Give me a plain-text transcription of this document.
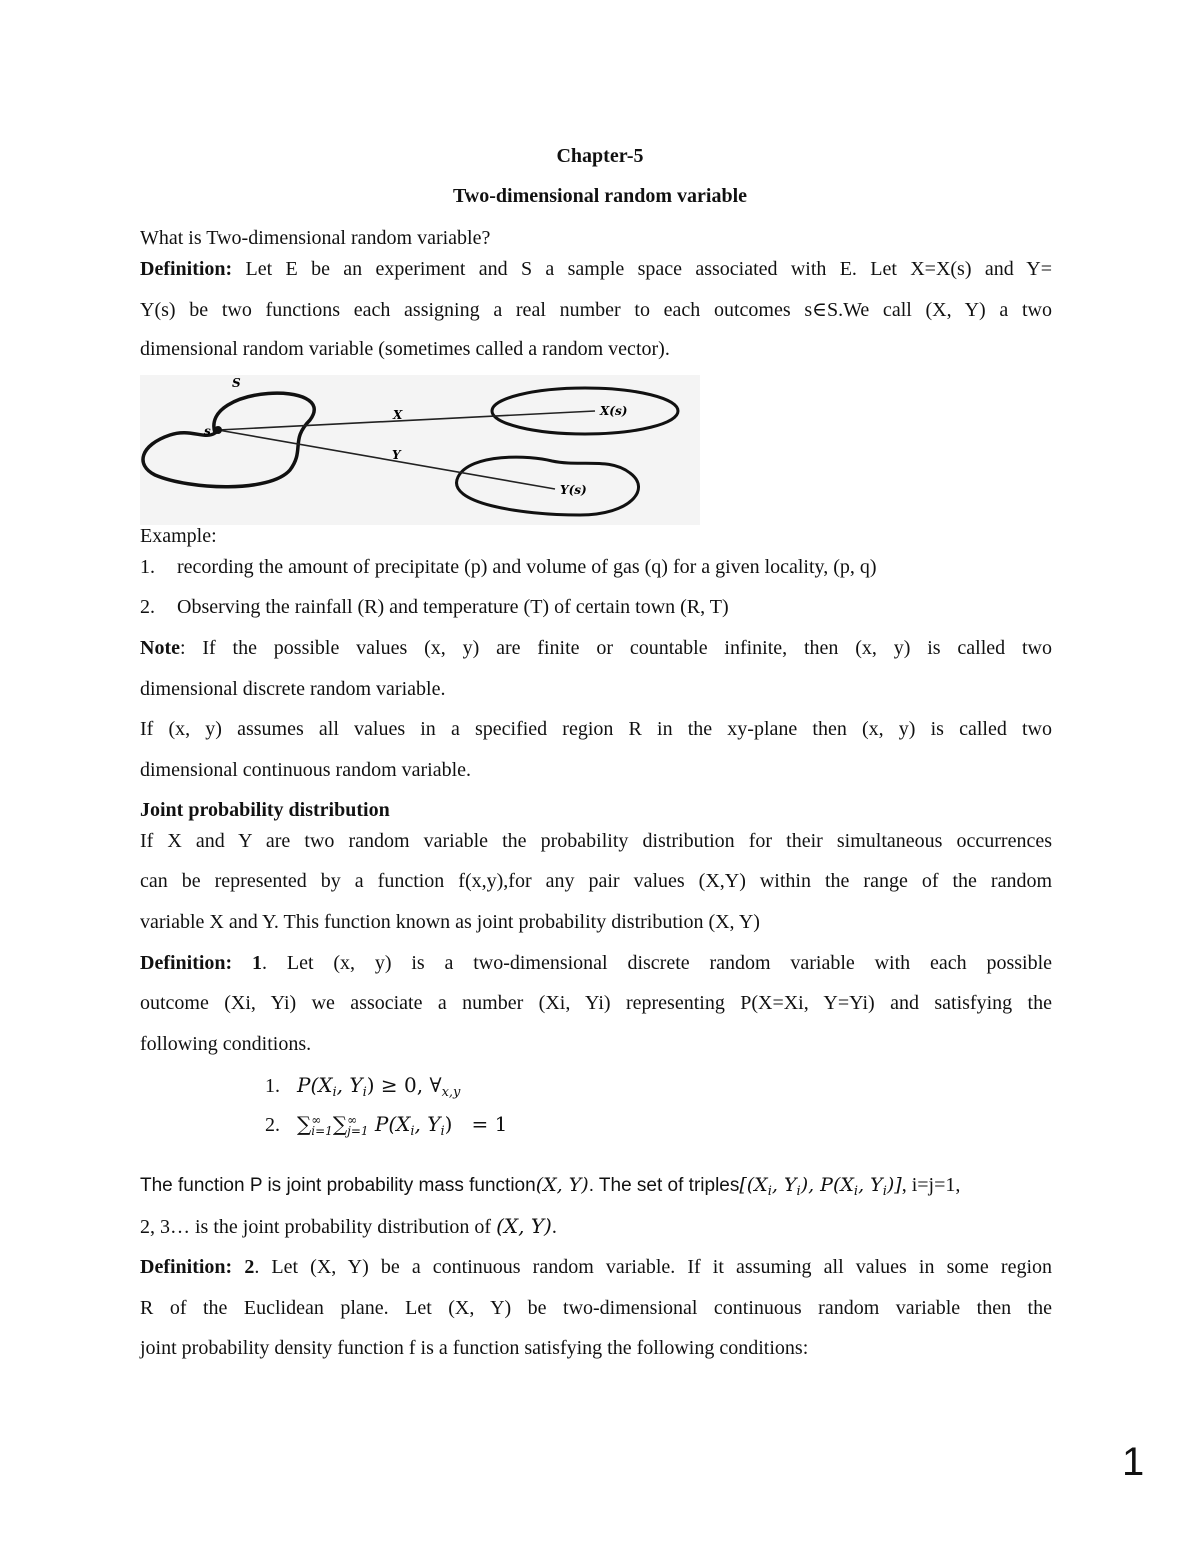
Chapter-5
Two-dimensional random variable
What is Two-dimensional random variable?
Definition: Let E be an experiment and S a sample space associated with E. Let X=X(s) and Y=
Y(s) be two functions each assigning a real number to each outcomes s∈S.We call (X, Y) a two
dimensional random variable (sometimes called a random vector).
S
s
X
Y
X(s)
Y(s)
Example:
1. recording the amount of precipitate (p) and volume of gas (q) for a given locality, (p, q)
2. Observing the rainfall (R) and temperature (T) of certain town (R, T)
Note: If the possible values (x, y) are finite or countable infinite, then (x, y) is called two
dimensional discrete random variable.
If (x, y) assumes all values in a specified region R in the xy-plane then (x, y) is called two
dimensional continuous random variable.
Joint probability distribution
If X and Y are two random variable the probability distribution for their simultaneous occurrences
can be represented by a function f(x,y),for any pair values (X,Y) within the range of the random
variable X and Y. This function known as joint probability distribution (X, Y)
Definition: 1. Let (x, y) is a two-dimensional discrete random variable with each possible
outcome (Xi, Yi) we associate a number (Xi, Yi) representing P(X=Xi, Y=Yi) and satisfying the
following conditions.
1. $P(X_i$, $Y_i) \ge 0$, $\forall_{x,y}$
2. ∑ ∞
i=1 ∑ ∞
j=1 $P(X_i$, $Y_i) = 1$
The function P is joint probability mass function(X, Y). The set of $triples[(X_i$, $Y_i$), $P(X_i$, $Y_i$)], i=j=1,
2, 3… is the joint probability distribution of (X, Y).
Definition: 2. Let (X, Y) be a continuous random variable. If it assuming all values in some region
R of the Euclidean plane. Let (X, Y) be two-dimensional continuous random variable then the
joint probability density function f is a function satisfying the following conditions:
1
